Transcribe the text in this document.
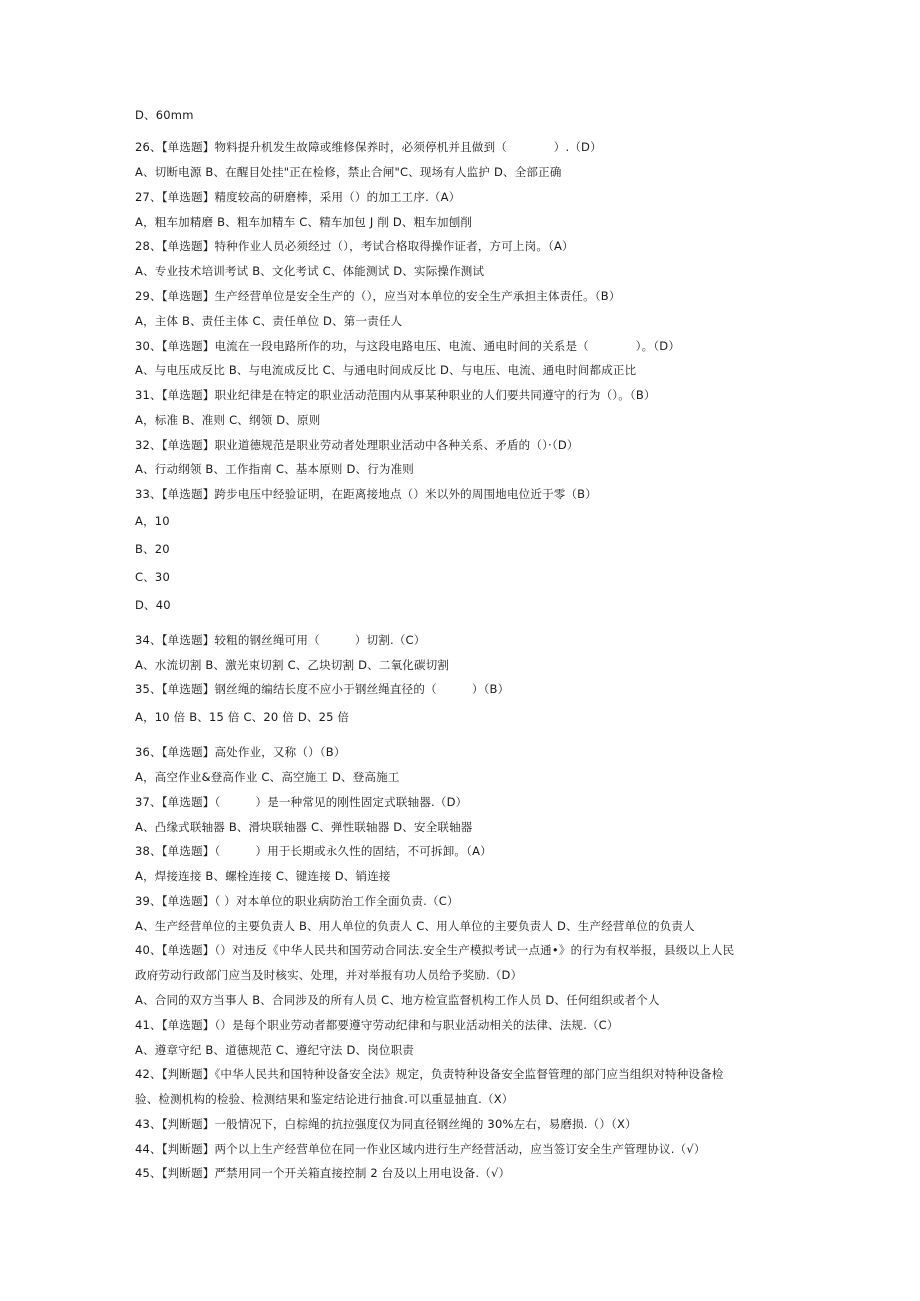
D、60mm
26、【单选题】物料提升机发生故障或维修保养时，必须停机并且做到（　　　　）.（D）
A、切断电源 B、在醒目处挂"正在检修，禁止合闸"C、现场有人监护 D、全部正确
27、【单选题】精度较高的研磨棒，采用（）的加工工序.（A）
A，粗车加精磨 B、粗车加精车 C、精车加包 J 削 D、粗车加刨削
28、【单选题】特种作业人员必须经过（），考试合格取得操作证者，方可上岗。（A）
A、专业技术培训考试 B、文化考试 C、体能测试 D、实际操作测试
29、【单选题】生产经营单位是安全生产的（），应当对本单位的安全生产承担主体责任。（B）
A，主体 B、责任主体 C、责任单位 D、第一责任人
30、【单选题】电流在一段电路所作的功，与这段电路电压、电流、通电时间的关系是（　　　　）。（D）
A、与电压成反比 B、与电流成反比 C、与通电时间成反比 D、与电压、电流、通电时间都成正比
31、【单选题】职业纪律是在特定的职业活动范围内从事某种职业的人们要共同遵守的行为（）。（B）
A，标准 B、准则 C、纲领 D、原则
32、【单选题】职业道德规范是职业劳动者处理职业活动中各种关系、矛盾的（）·（D）
A、行动纲领 B、工作指南 C、基本原则 D、行为准则
33、【单选题】跨步电压中经验证明，在距离接地点（）米以外的周围地电位近于零（B）
A，10
B、20
C、30
D、40
34、【单选题】较粗的钢丝绳可用（　　　）切割.（C）
A、水流切割 B、激光束切割 C、乙块切割 D、二氧化碳切割
35、【单选题】钢丝绳的编结长度不应小于钢丝绳直径的（　　　）（B）
A，10 倍 B、15 倍 C、20 倍 D、25 倍
36、【单选题】高处作业，又称（）（B）
A，高空作业&登高作业 C、高空施工 D、登高施工
37、【单选题】（　　　）是一种常见的刚性固定式联轴器.（D）
A、凸缘式联轴器 B、滑块联轴器 C、弹性联轴器 D、安全联轴器
38、【单选题】（　　　）用于长期或永久性的固结，不可拆卸。（A）
A，焊接连接 B、螺栓连接 C、键连接 D、销连接
39、【单选题】（ ）对本单位的职业病防治工作全面负责.（C）
A、生产经营单位的主要负责人 B、用人单位的负责人 C、用人单位的主要负责人 D、生产经营单位的负责人
40、【单选题】（）对违反《中华人民共和国劳动合同法.安全生产模拟考试一点通•》的行为有权举报，县级以上人民
政府劳动行政部门应当及时核实、处理，并对举报有功人员给予奖励.（D）
A、合同的双方当事人 B、合同涉及的所有人员 C、地方检宣监督机构工作人员 D、任何组织或者个人
41、【单选题】（）是每个职业劳动者都要遵守劳动纪律和与职业活动相关的法律、法规.（C）
A、遵章守纪 B、道德规范 C、遵纪守法 D、岗位职责
42、【判断题】《中华人民共和国特种设备安全法》规定，负责特种设备安全监督管理的部门应当组织对特种设备检
验、检测机构的检验、检测结果和鉴定结论进行抽食.可以重显抽直.（X）
43、【判断题】一般情况下，白棕绳的抗拉强度仅为同直径钢丝绳的 30%左右，易磨损.（）（X）
44、【判断题】两个以上生产经营单位在同一作业区域内进行生产经营活动，应当签订安全生产管理协议.（√）
45、【判断题】严禁用同一个开关箱直接控制 2 台及以上用电设备.（√）
